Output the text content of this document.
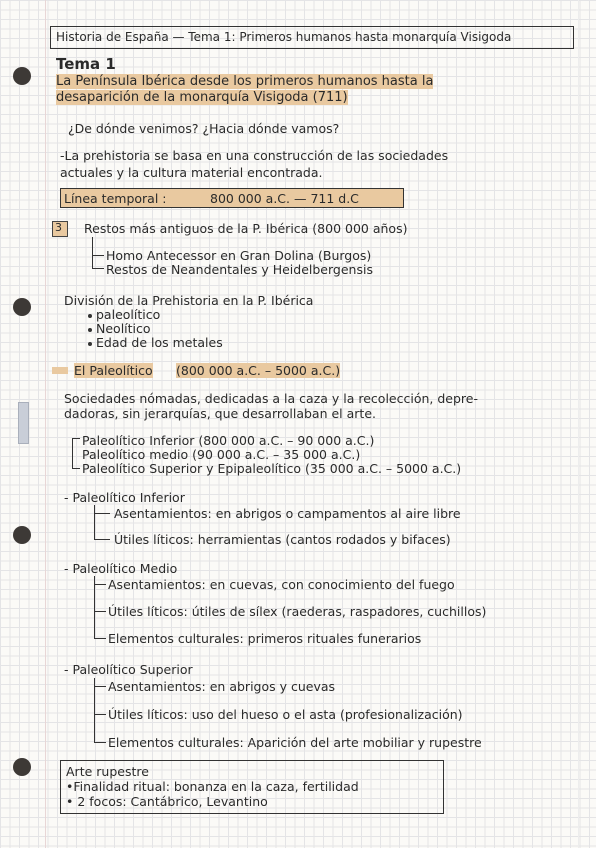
Historia de España — Tema 1: Primeros humanos hasta monarquía Visigoda
Tema 1
La Península Ibérica desde los primeros humanos hasta la
desaparición de la monarquía Visigoda (711)
¿De dónde venimos? ¿Hacia dónde vamos?
-La prehistoria se basa en una construcción de las sociedades
actuales y la cultura material encontrada.
Línea temporal :	800 000 a.C. — 711 d.C
3 Restos más antiguos de la P. Ibérica (800 000 años)
Homo Antecessor en Gran Dolina (Burgos)
Restos de Neandentales y Heidelbergensis
División de la Prehistoria en la P. Ibérica
paleolítico
Neolítico
Edad de los metales
El Paleolítico (800 000 a.C. – 5000 a.C.)
Sociedades nómadas, dedicadas a la caza y la recolección, depre-
dadoras, sin jerarquías, que desarrollaban el arte.
Paleolítico Inferior (800 000 a.C. – 90 000 a.C.)
Paleolítico medio (90 000 a.C. – 35 000 a.C.)
Paleolítico Superior y Epipaleolítico (35 000 a.C. – 5000 a.C.)
- Paleolítico Inferior
Asentamientos: en abrigos o campamentos al aire libre
Útiles líticos: herramientas (cantos rodados y bifaces)
- Paleolítico Medio
Asentamientos: en cuevas, con conocimiento del fuego
Útiles líticos: útiles de sílex (raederas, raspadores, cuchillos)
Elementos culturales: primeros rituales funerarios
- Paleolítico Superior
Asentamientos: en abrigos y cuevas
Útiles líticos: uso del hueso o el asta (profesionalización)
Elementos culturales: Aparición del arte mobiliar y rupestre
Arte rupestre
•Finalidad ritual: bonanza en la caza, fertilidad
• 2 focos: Cantábrico, Levantino
